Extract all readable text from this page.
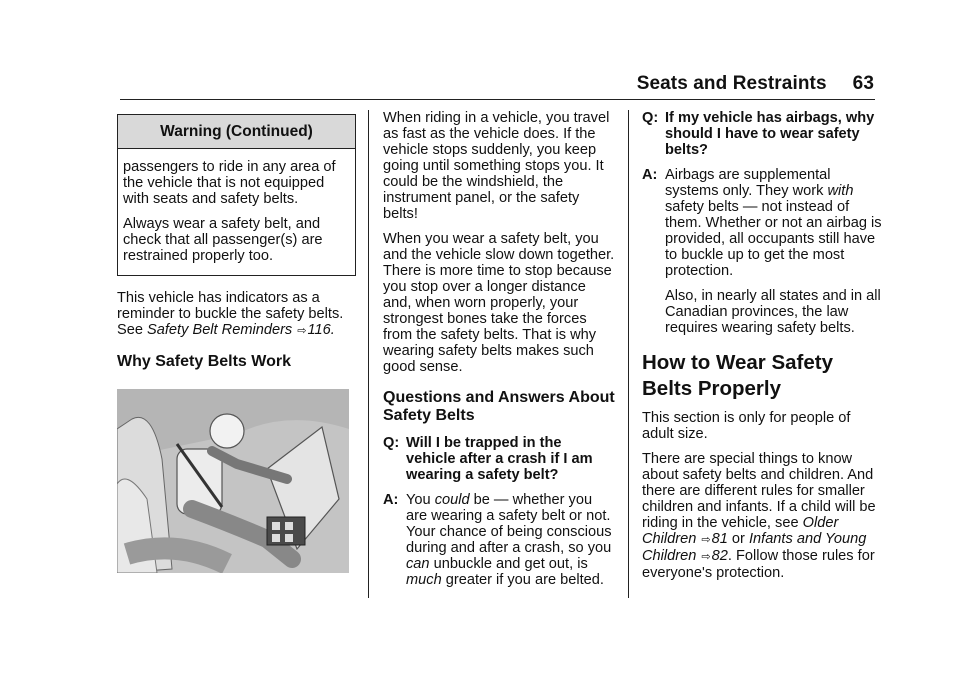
Seats and Restraints 63
Warning (Continued)

passengers to ride in any area of the vehicle that is not equipped with seats and safety belts.

Always wear a safety belt, and check that all passenger(s) are restrained properly too.

This vehicle has indicators as a reminder to buckle the safety belts. See Safety Belt Reminders ⇨116.

Why Safety Belts Work

When riding in a vehicle, you travel as fast as the vehicle does. If the vehicle stops suddenly, you keep going until something stops you. It could be the windshield, the instrument panel, or the safety belts!

When you wear a safety belt, you and the vehicle slow down together. There is more time to stop because you stop over a longer distance and, when worn properly, your strongest bones take the forces from the safety belts. That is why wearing safety belts makes such good sense.

Questions and Answers About Safety Belts
Q: Will I be trapped in the vehicle after a crash if I am wearing a safety belt?
A: You could be — whether you are wearing a safety belt or not. Your chance of being conscious during and after a crash, so you can unbuckle and get out, is much greater if you are belted.
Q: If my vehicle has airbags, why should I have to wear safety belts?
A: Airbags are supplemental systems only. They work with safety belts — not instead of them. Whether or not an airbag is provided, all occupants still have to buckle up to get the most protection.

Also, in nearly all states and in all Canadian provinces, the law requires wearing safety belts.

How to Wear Safety Belts Properly

This section is only for people of adult size.

There are special things to know about safety belts and children. And there are different rules for smaller children and infants. If a child will be riding in the vehicle, see Older Children ⇨81 or Infants and Young Children ⇨82. Follow those rules for everyone's protection.
